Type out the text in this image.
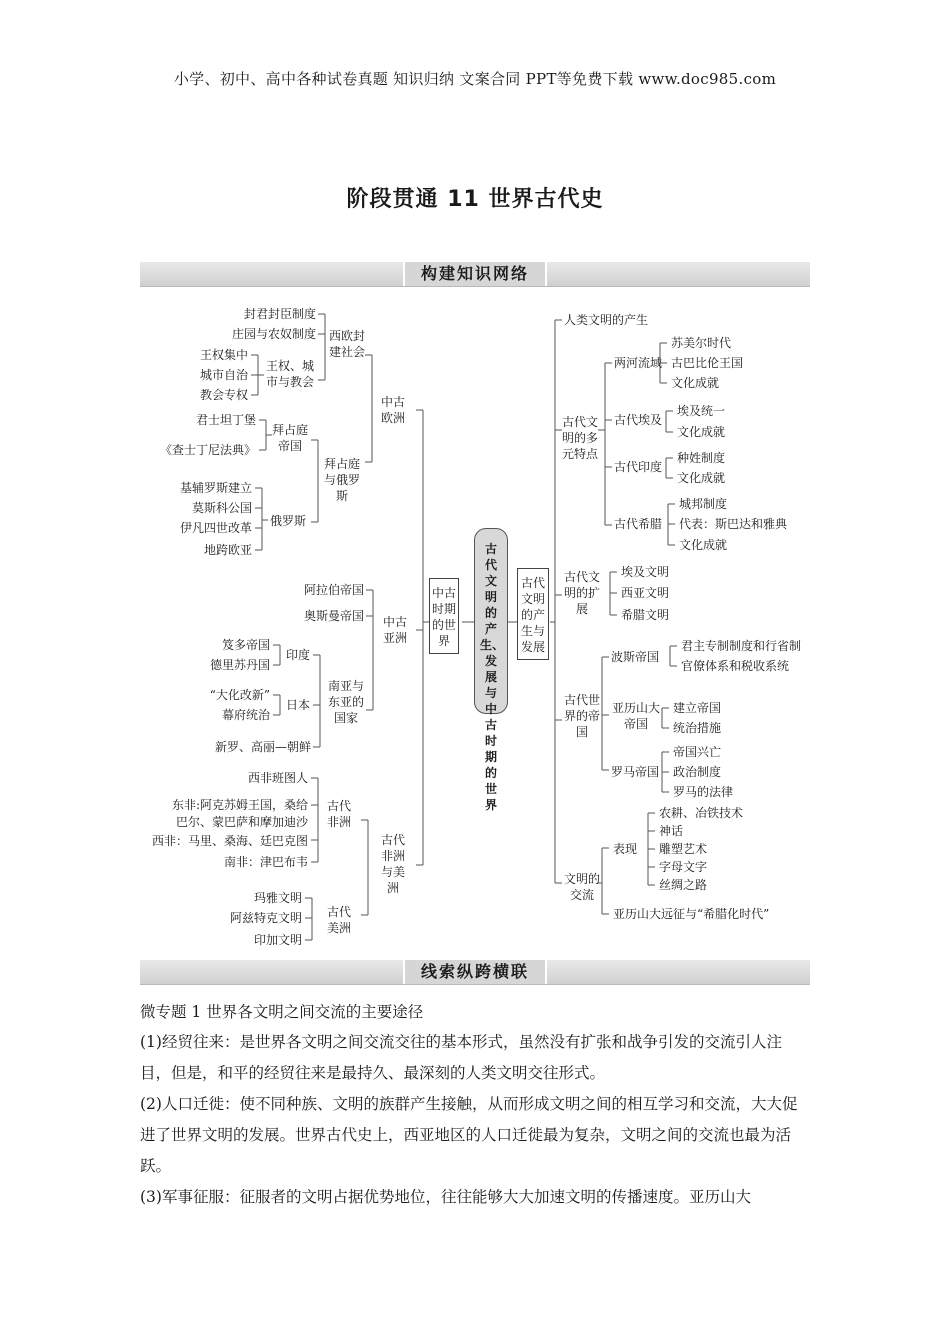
小学、初中、高中各种试卷真题 知识归纳 文案合同 PPT等免费下载 www.doc985.com
阶段贯通 11 世界古代史
构建知识网络
古代文明的产生、发展与中古时期的世界
中古时期的世界
古代文明的产生与发展
中古欧洲
西欧封建社会
封君封臣制度
庄园与农奴制度
王权、城市与教会
王权集中
城市自治
教会专权
拜占庭与俄罗斯
拜占庭帝国
君士坦丁堡
《查士丁尼法典》
俄罗斯
基辅罗斯建立
莫斯科公国
伊凡四世改革
地跨欧亚
中古亚洲
阿拉伯帝国
奥斯曼帝国
南亚与东亚的国家
印度
笈多帝国
德里苏丹国
日本
“大化改新”
幕府统治
新罗、高丽—朝鲜
古代非洲与美洲
古代非洲
西非班图人
东非:阿克苏姆王国，桑给
巴尔、蒙巴萨和摩加迪沙
西非：马里、桑海、廷巴克图
南非：津巴布韦
古代美洲
玛雅文明
阿兹特克文明
印加文明
人类文明的产生
古代文明的多元特点
两河流域
苏美尔时代
古巴比伦王国
文化成就
古代埃及
埃及统一
文化成就
古代印度
种姓制度
文化成就
古代希腊
城邦制度
代表：斯巴达和雅典
文化成就
古代文明的扩展
埃及文明
西亚文明
希腊文明
古代世界的帝国
波斯帝国
君主专制制度和行省制
官僚体系和税收系统
亚历山大帝国
建立帝国
统治措施
罗马帝国
帝国兴亡
政治制度
罗马的法律
文明的交流
表现
农耕、冶铁技术
神话
雕塑艺术
字母文字
丝绸之路
亚历山大远征与“希腊化时代”
线索纵跨横联
微专题 1 世界各文明之间交流的主要途径

(1)经贸往来：是世界各文明之间交流交往的基本形式，虽然没有扩张和战争引发的交流引人注目，但是，和平的经贸往来是最持久、最深刻的人类文明交往形式。

(2)人口迁徙：使不同种族、文明的族群产生接触，从而形成文明之间的相互学习和交流，大大促进了世界文明的发展。世界古代史上，西亚地区的人口迁徙最为复杂，文明之间的交流也最为活跃。

(3)军事征服：征服者的文明占据优势地位，往往能够大大加速文明的传播速度。亚历山大
